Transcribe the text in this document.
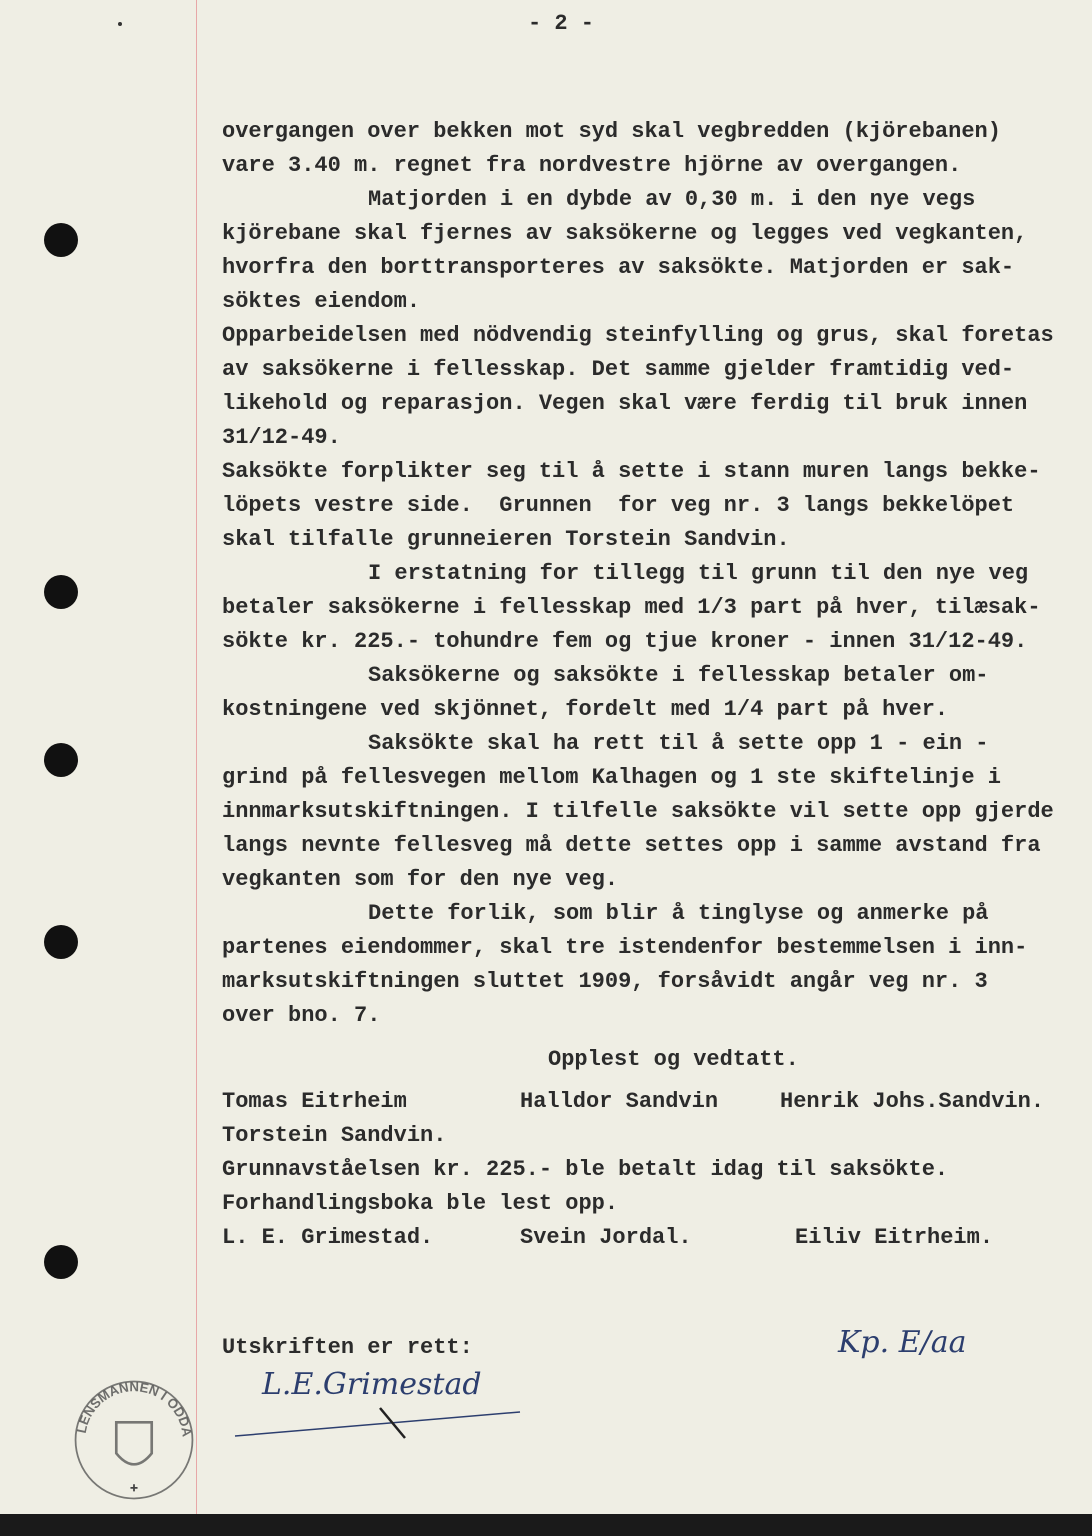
- 2 -
overgangen over bekken mot syd skal vegbredden (kjörebanen)
vare 3.40 m. regnet fra nordvestre hjörne av overgangen.
Matjorden i en dybde av 0,30 m. i den nye vegs
kjörebane skal fjernes av saksökerne og legges ved vegkanten,
hvorfra den borttransporteres av saksökte. Matjorden er sak-
söktes eiendom.
Opparbeidelsen med nödvendig steinfylling og grus, skal foretas
av saksökerne i fellesskap. Det samme gjelder framtidig ved-
likehold og reparasjon. Vegen skal være ferdig til bruk innen
31/12-49.
Saksökte forplikter seg til å sette i stann muren langs bekke-
löpets vestre side.  Grunnen  for veg nr. 3 langs bekkelöpet
skal tilfalle grunneieren Torstein Sandvin.
I erstatning for tillegg til grunn til den nye veg
betaler saksökerne i fellesskap med 1/3 part på hver, tilæsak-
sökte kr. 225.- tohundre fem og tjue kroner - innen 31/12-49.
Saksökerne og saksökte i fellesskap betaler om-
kostningene ved skjönnet, fordelt med 1/4 part på hver.
Saksökte skal ha rett til å sette opp 1 - ein -
grind på fellesvegen mellom Kalhagen og 1 ste skiftelinje i
innmarksutskiftningen. I tilfelle saksökte vil sette opp gjerde
langs nevnte fellesveg må dette settes opp i samme avstand fra
vegkanten som for den nye veg.
Dette forlik, som blir å tinglyse og anmerke på
partenes eiendommer, skal tre istendenfor bestemmelsen i inn-
marksutskiftningen sluttet 1909, forsåvidt angår veg nr. 3
over bno. 7.
Opplest og vedtatt.
Tomas Eitrheim	Halldor Sandvin	Henrik Johs.Sandvin.
Torstein Sandvin.
Grunnavståelsen kr. 225.- ble betalt idag til saksökte.
Forhandlingsboka ble lest opp.
L. E. Grimestad.	Svein Jordal.	Eiliv Eitrheim.
Utskriften er rett:
LENSMANNEN I ODDA
L.E.Grimestad
Kp. E/aa
